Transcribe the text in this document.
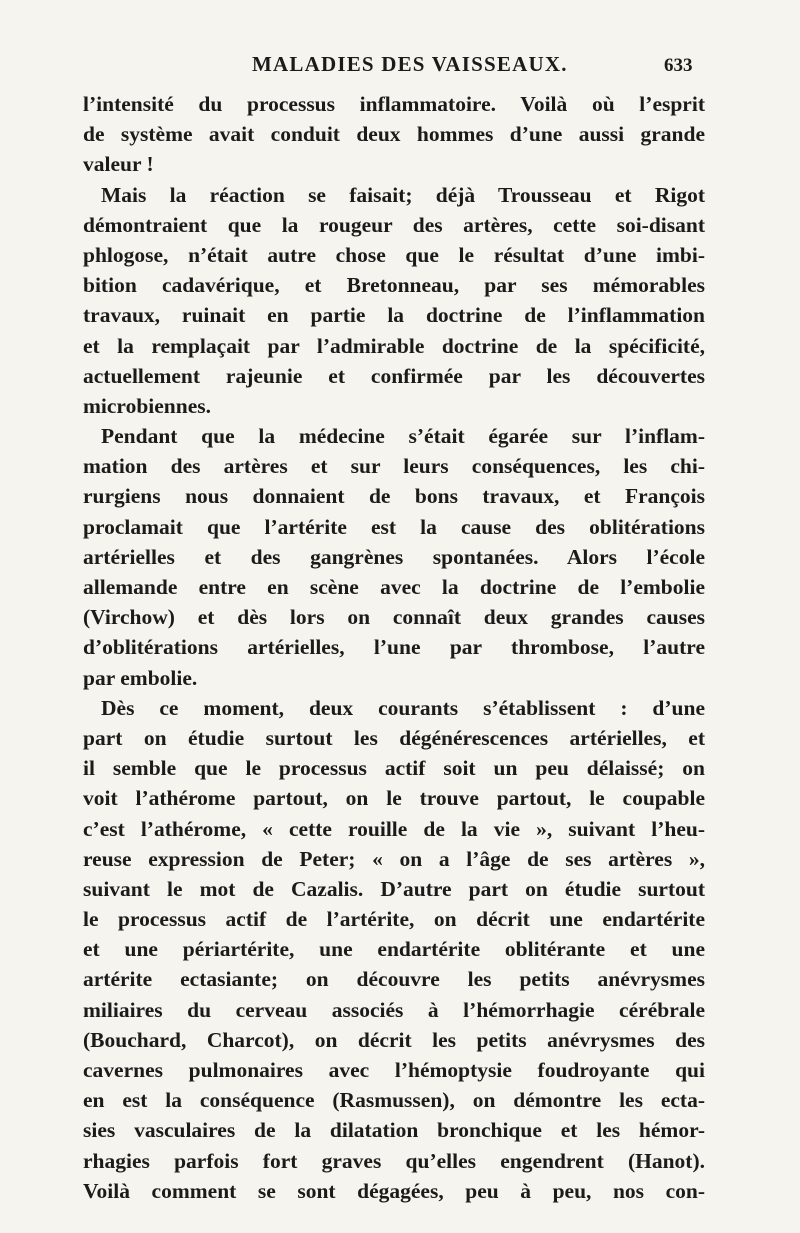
MALADIES DES VAISSEAUX.	633
l’intensité du processus inflammatoire. Voilà où l’esprit
de système avait conduit deux hommes d’une aussi grande
valeur !
Mais la réaction se faisait; déjà Trousseau et Rigot
démontraient que la rougeur des artères, cette soi-disant
phlogose, n’était autre chose que le résultat d’une imbi-
bition cadavérique, et Bretonneau, par ses mémorables
travaux, ruinait en partie la doctrine de l’inflammation
et la remplaçait par l’admirable doctrine de la spécificité,
actuellement rajeunie et confirmée par les découvertes
microbiennes.
Pendant que la médecine s’était égarée sur l’inflam-
mation des artères et sur leurs conséquences, les chi-
rurgiens nous donnaient de bons travaux, et François
proclamait que l’artérite est la cause des oblitérations
artérielles et des gangrènes spontanées. Alors l’école
allemande entre en scène avec la doctrine de l’embolie
(Virchow) et dès lors on connaît deux grandes causes
d’oblitérations artérielles, l’une par thrombose, l’autre
par embolie.
Dès ce moment, deux courants s’établissent : d’une
part on étudie surtout les dégénérescences artérielles, et
il semble que le processus actif soit un peu délaissé; on
voit l’athérome partout, on le trouve partout, le coupable
c’est l’athérome, « cette rouille de la vie », suivant l’heu-
reuse expression de Peter; « on a l’âge de ses artères »,
suivant le mot de Cazalis. D’autre part on étudie surtout
le processus actif de l’artérite, on décrit une endartérite
et une périartérite, une endartérite oblitérante et une
artérite ectasiante; on découvre les petits anévrysmes
miliaires du cerveau associés à l’hémorrhagie cérébrale
(Bouchard, Charcot), on décrit les petits anévrysmes des
cavernes pulmonaires avec l’hémoptysie foudroyante qui
en est la conséquence (Rasmussen), on démontre les ecta-
sies vasculaires de la dilatation bronchique et les hémor-
rhagies parfois fort graves qu’elles engendrent (Hanot).
Voilà comment se sont dégagées, peu à peu, nos con-
